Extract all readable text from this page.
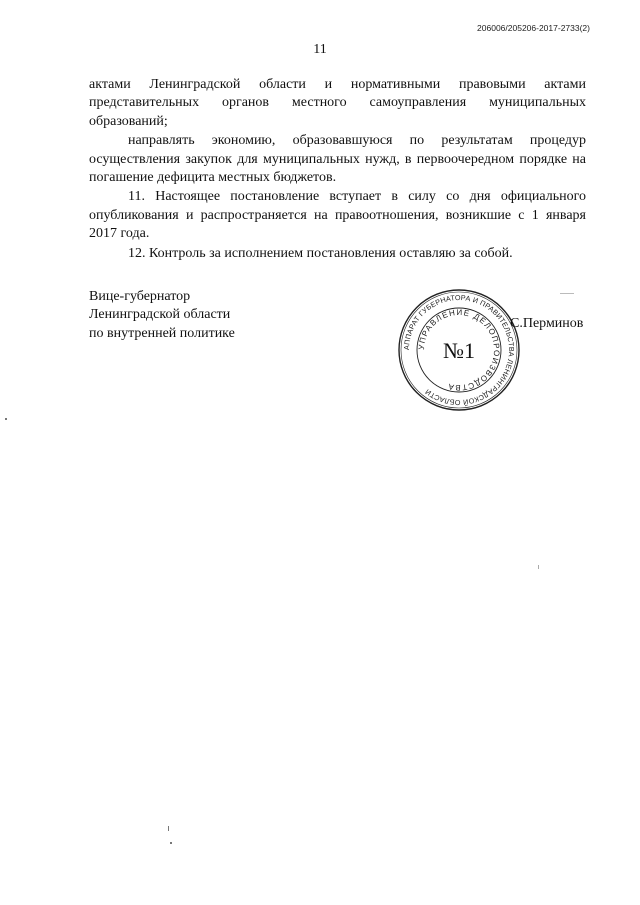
206006/205206-2017-2733(2)
11

актами Ленинградской области и нормативными правовыми актами представительных органов местного самоуправления муниципальных образований;

направлять экономию, образовавшуюся по результатам процедур осуществления закупок для муниципальных нужд, в первоочередном порядке на погашение дефицита местных бюджетов.

11. Настоящее постановление вступает в силу со дня официального опубликования и распространяется на правоотношения, возникшие с 1 января 2017 года.

12. Контроль за исполнением постановления оставляю за собой.

Вице-губернатор
Ленинградской области
по внутренней политике
АППАРАТ ГУБЕРНАТОРА И ПРАВИТЕЛЬСТВА ЛЕНИНГРАДСКОЙ ОБЛАСТИ
УПРАВЛЕНИЕ ДЕЛОПРОИЗВОДСТВА
№1
С.Перминов
